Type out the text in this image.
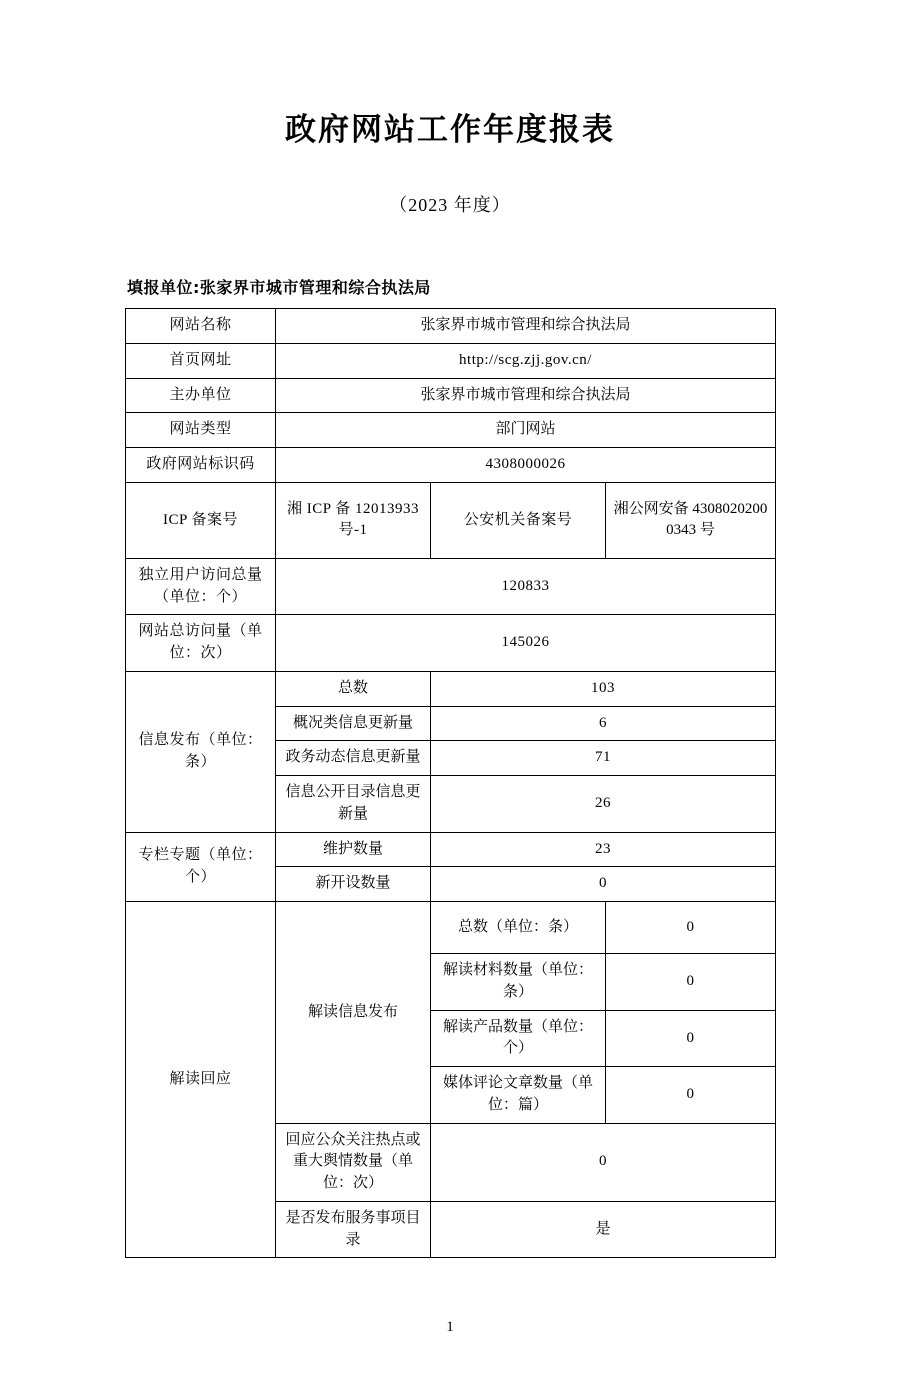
政府网站工作年度报表
（2023 年度）
填报单位:张家界市城市管理和综合执法局
网站名称	张家界市城市管理和综合执法局		
首页网址	http://scg.zjj.gov.cn/		
主办单位	张家界市城市管理和综合执法局		
网站类型	部门网站		
政府网站标识码	4308000026		
ICP 备案号	湘 ICP 备 12013933 号-1	公安机关备案号	湘公网安备 43080202000343 号
独立用户访问总量（单位：个）	120833		
网站总访问量（单位：次）	145026		
信息发布（单位：条）	总数	103	
	概况类信息更新量	6	
	政务动态信息更新量	71	
	信息公开目录信息更新量	26	
专栏专题（单位：个）	维护数量	23	
	新开设数量	0	
解读回应	解读信息发布	总数（单位：条）	0
		解读材料数量（单位：条）	0
		解读产品数量（单位：个）	0
		媒体评论文章数量（单位：篇）	0
	回应公众关注热点或重大舆情数量（单位：次）	0	
	是否发布服务事项目录	是	
1
